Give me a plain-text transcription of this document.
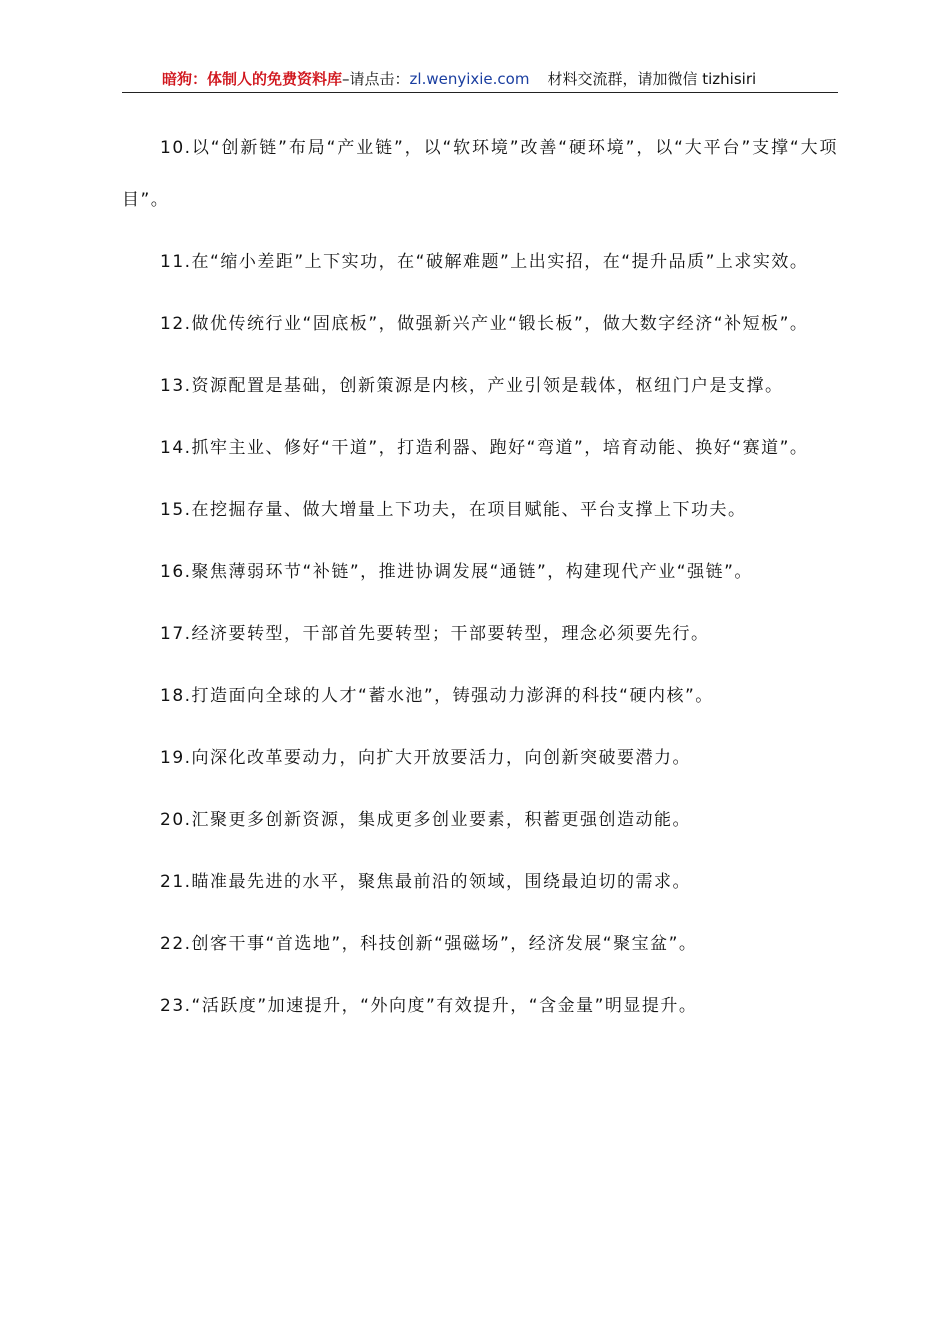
暗狗：体制人的免费资料库–请点击：zl.wenyixie.com 材料交流群，请加微信 tizhisiri

10.以“创新链”布局“产业链”，以“软环境”改善“硬环境”，以“大平台”支撑“大项目”。

11.在“缩小差距”上下实功，在“破解难题”上出实招，在“提升品质”上求实效。

12.做优传统行业“固底板”，做强新兴产业“锻长板”，做大数字经济“补短板”。

13.资源配置是基础，创新策源是内核，产业引领是载体，枢纽门户是支撑。

14.抓牢主业、修好“干道”，打造利器、跑好“弯道”，培育动能、换好“赛道”。

15.在挖掘存量、做大增量上下功夫，在项目赋能、平台支撑上下功夫。

16.聚焦薄弱环节“补链”，推进协调发展“通链”，构建现代产业“强链”。

17.经济要转型，干部首先要转型；干部要转型，理念必须要先行。

18.打造面向全球的人才“蓄水池”，铸强动力澎湃的科技“硬内核”。

19.向深化改革要动力，向扩大开放要活力，向创新突破要潜力。

20.汇聚更多创新资源，集成更多创业要素，积蓄更强创造动能。

21.瞄准最先进的水平，聚焦最前沿的领域，围绕最迫切的需求。

22.创客干事“首选地”，科技创新“强磁场”，经济发展“聚宝盆”。

23.“活跃度”加速提升，“外向度”有效提升，“含金量”明显提升。
